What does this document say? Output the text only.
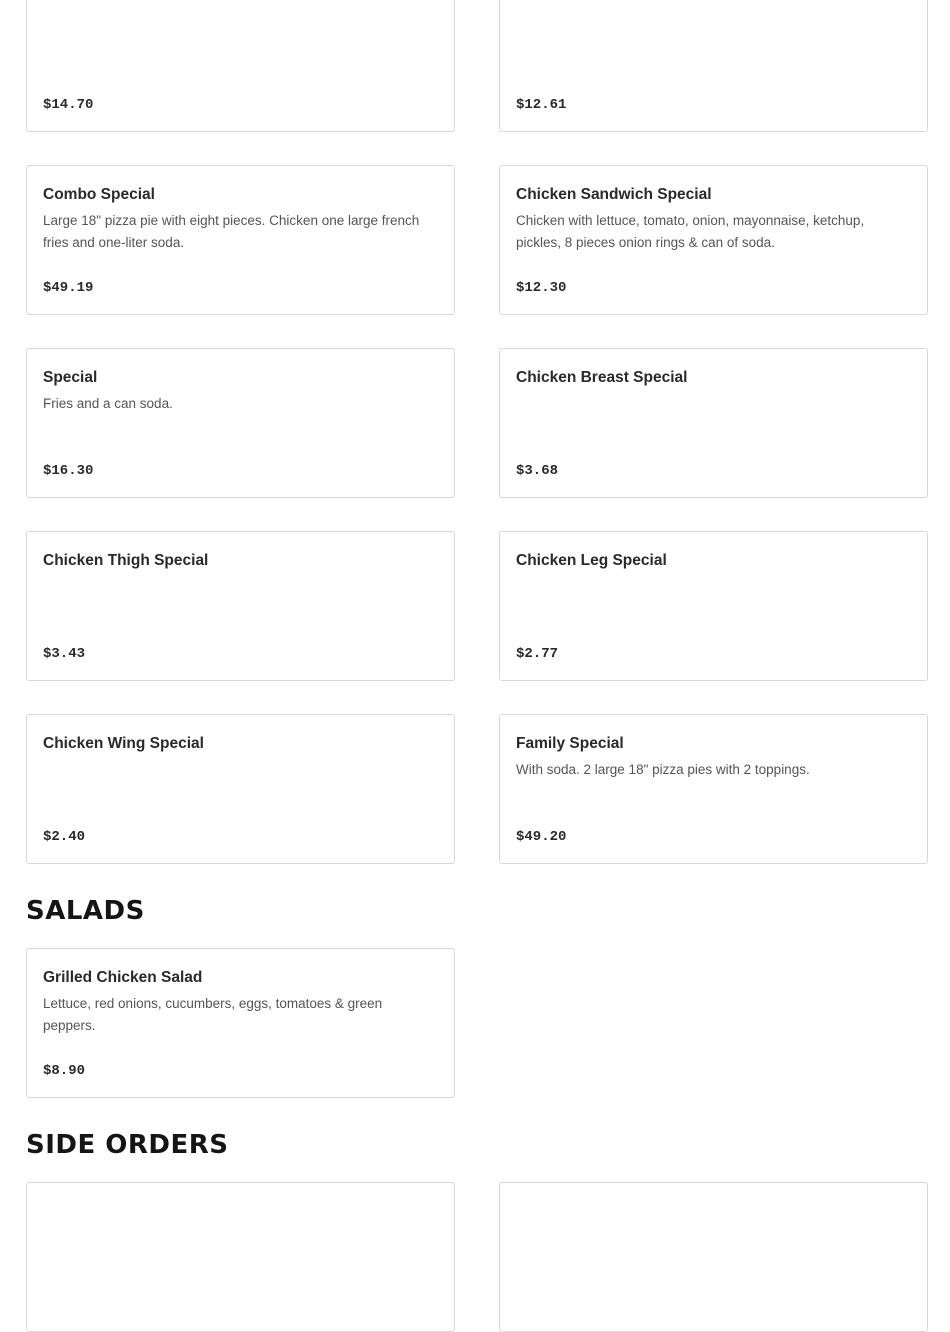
$14.70	$12.61
Combo Special
Large 18" pizza pie with eight pieces. Chicken one large french fries and one-liter soda.
$49.19
Chicken Sandwich Special
Chicken with lettuce, tomato, onion, mayonnaise, ketchup, pickles, 8 pieces onion rings & can of soda.
$12.30
Special
Fries and a can soda.
$16.30
Chicken Breast Special
$3.68
Chicken Thigh Special
$3.43
Chicken Leg Special
$2.77
Chicken Wing Special
$2.40
Family Special
With soda. 2 large 18" pizza pies with 2 toppings.
$49.20
SALADS
Grilled Chicken Salad
Lettuce, red onions, cucumbers, eggs, tomatoes & green peppers.
$8.90
SIDE ORDERS
